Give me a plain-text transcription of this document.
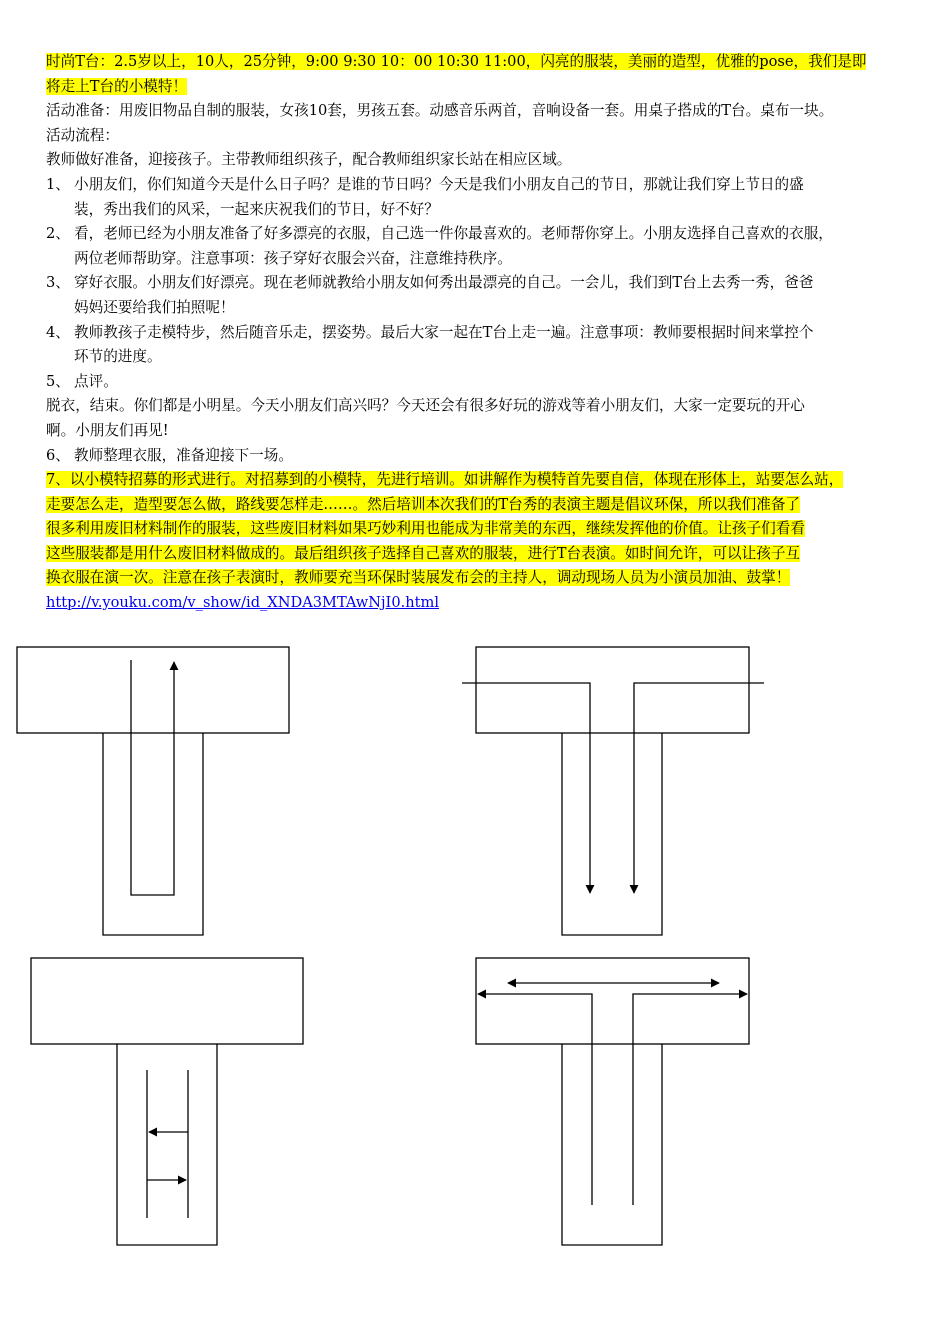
时尚T台：2.5岁以上，10人，25分钟，9:00 9:30 10：00 10:30 11:00，闪亮的服装，美丽的造型，优雅的pose，我们是即
将走上T台的小模特！
活动准备：用废旧物品自制的服装，女孩10套，男孩五套。动感音乐两首，音响设备一套。用桌子搭成的T台。桌布一块。
活动流程：
教师做好准备，迎接孩子。主带教师组织孩子，配合教师组织家长站在相应区域。
1、 小朋友们，你们知道今天是什么日子吗？是谁的节日吗？今天是我们小朋友自己的节日，那就让我们穿上节日的盛
装，秀出我们的风采，一起来庆祝我们的节日，好不好？
2、 看，老师已经为小朋友准备了好多漂亮的衣服，自己选一件你最喜欢的。老师帮你穿上。小朋友选择自己喜欢的衣服，
两位老师帮助穿。注意事项：孩子穿好衣服会兴奋，注意维持秩序。
3、 穿好衣服。小朋友们好漂亮。现在老师就教给小朋友如何秀出最漂亮的自己。一会儿，我们到T台上去秀一秀，爸爸
妈妈还要给我们拍照呢！
4、 教师教孩子走模特步，然后随音乐走，摆姿势。最后大家一起在T台上走一遍。注意事项：教师要根据时间来掌控个
环节的进度。
5、 点评。
脱衣，结束。你们都是小明星。今天小朋友们高兴吗？今天还会有很多好玩的游戏等着小朋友们，大家一定要玩的开心
啊。小朋友们再见!
6、 教师整理衣服，准备迎接下一场。
7、以小模特招募的形式进行。对招募到的小模特，先进行培训。如讲解作为模特首先要自信，体现在形体上，站要怎么站，
走要怎么走，造型要怎么做，路线要怎样走……。然后培训本次我们的T台秀的表演主题是倡议环保，所以我们准备了
很多利用废旧材料制作的服装，这些废旧材料如果巧妙利用也能成为非常美的东西，继续发挥他的价值。让孩子们看看
这些服装都是用什么废旧材料做成的。最后组织孩子选择自己喜欢的服装，进行T台表演。如时间允许，可以让孩子互
换衣服在演一次。注意在孩子表演时，教师要充当环保时装展发布会的主持人，调动现场人员为小演员加油、鼓掌！
http://v.youku.com/v_show/id_XNDA3MTAwNjI0.html
